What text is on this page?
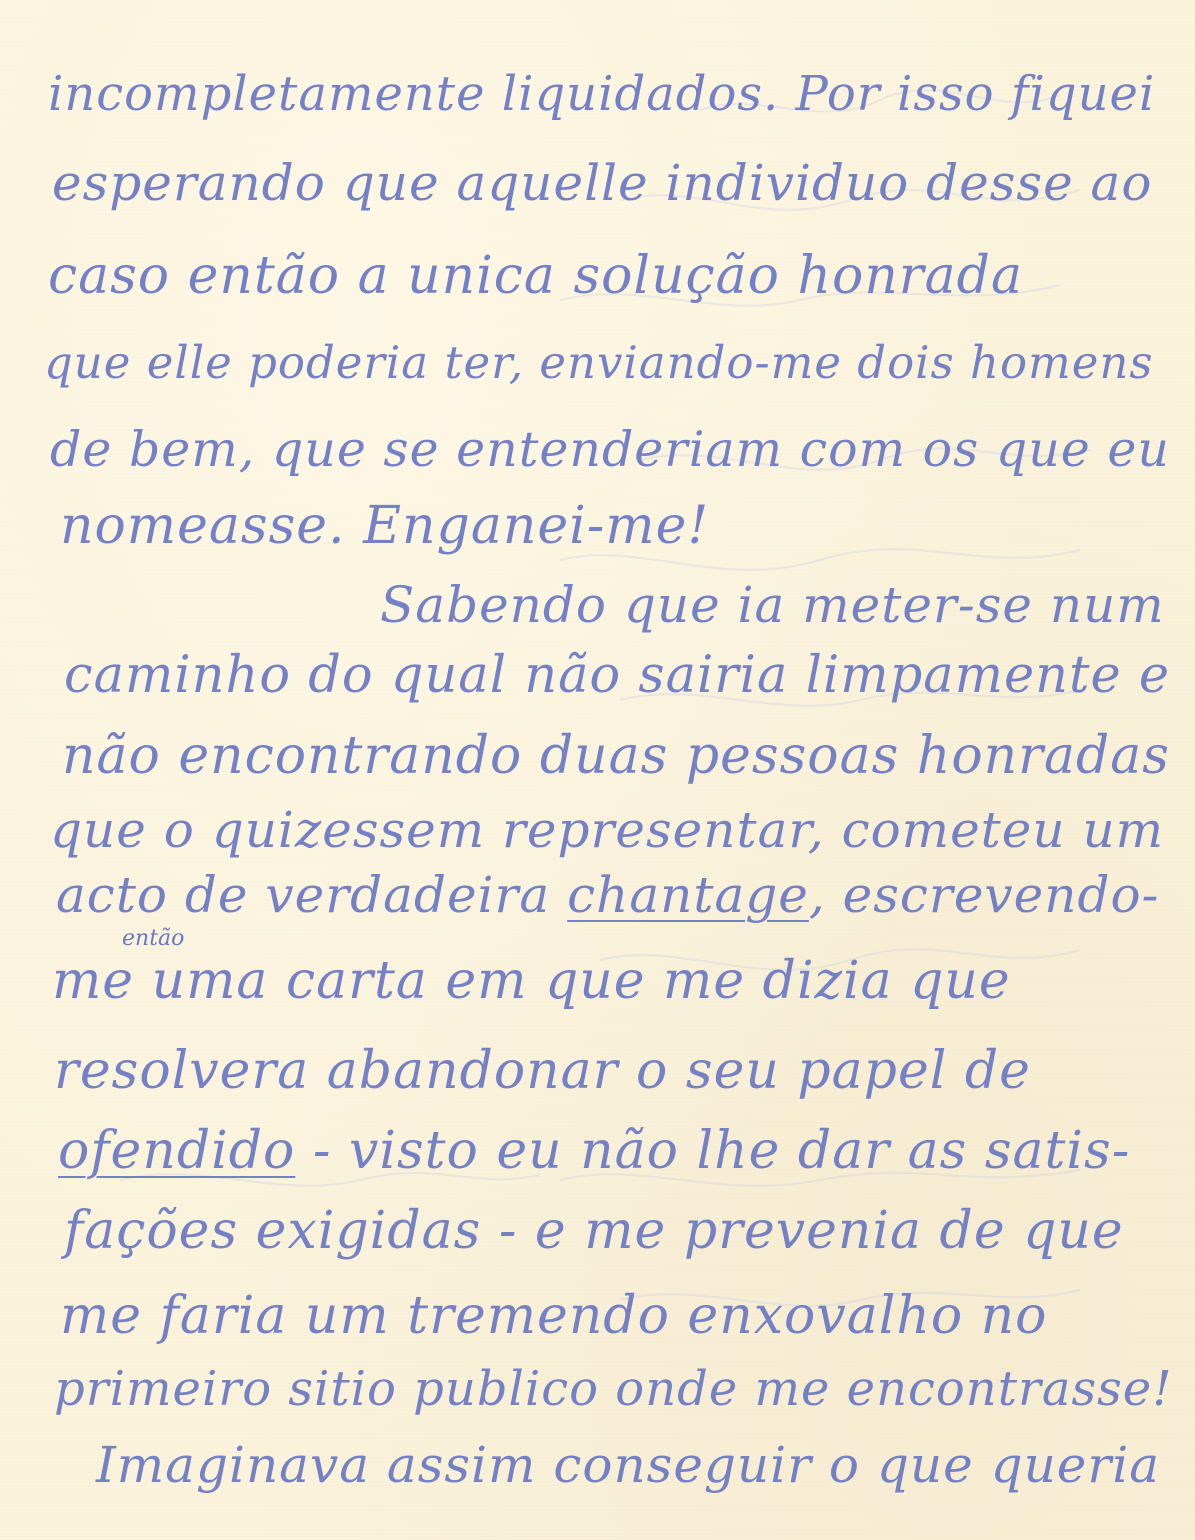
incompletamente liquidados. Por isso fiquei
esperando que aquelle individuo desse ao
caso então a unica solução honrada
que elle poderia ter, enviando-me dois homens
de bem, que se entenderiam com os que eu
nomeasse. Enganei-me!
Sabendo que ia meter-se num
caminho do qual não sairia limpamente e
não encontrando duas pessoas honradas
que o quizessem representar, cometeu um
acto de verdadeira chantage, escrevendo-
então
me uma carta em que me dizia que
resolvera abandonar o seu papel de
ofendido - visto eu não lhe dar as satis-
fações exigidas - e me prevenia de que
me faria um tremendo enxovalho no
primeiro sitio publico onde me encontrasse!
Imaginava assim conseguir o que queria
